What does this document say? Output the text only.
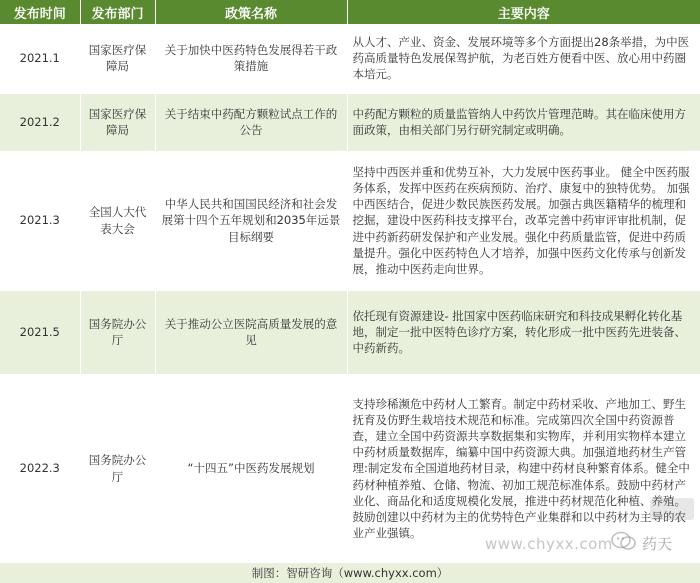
发布时间	发布部门	政策名称	主要内容
2021.1	国家医疗保障局	关于加快中医药特色发展得若干政策措施	从人才、产业、资金、发展环境等多个方面提出28条举措，为中医药高质量特色发展保驾护航，为老百姓方便看中医、放心用中药圈本培元。
2021.2	国家医疗保障局	关于结束中药配方颗粒试点工作的公告	中药配方颗粒的质量监管纳人中药饮片管理范畴。其在临床使用方面政策，由相关部门另行研究制定或明确。
2021.3	全国人大代表大会	中华人民共和国国民经济和社会发展第十四个五年规划和2035年远景目标纲要	坚持中西医并重和优势互补，大力发展中医药事业。 健全中医药服务体系，发挥中医药在疾病预防、治疗、康复中的独特优势。 加强中西医结合，促进少数民族医药发展。加强古典医籍精华的梳理和挖掘，建设中医药科技支撑平台，改革完善中药审评审批机制，促进中药新药研发保护和产业发展。强化中药质量监管，促进中药质量提升。强化中医药特色人才培养，加强中医药文化传承与创新发展，推动中医药走向世界。
2021.5	国务院办公厅	关于推动公立医院高质量发展的意见	依托现有资源建设- 批国家中医药临床研究和科技成果孵化转化基地，制定一批中医特色诊疗方案，转化形成一批中医药先进装备、中药新药。
2022.3	国务院办公厅	“十四五”中医药发展规划	支持珍稀濒危中药材人工繁育。制定中药材采收、产地加工、野生抚育及仿野生栽培技术规范和标准。完成第四次全国中药资源普查，建立全国中药资源共享数据集和实物库，并利用实物样本建立中药材质量数据库，编纂中国中药资源大典。加强道地药材生产管理:制定发布全国道地药材目录，构建中药材良种繁育体系。健全中药材种植养殖、仓储、物流、初加工规范标准体系。鼓励中药材产业化、商品化和适度规模化发展，推进中药材规范化种植、养殖。鼓励创建以中药材为主的优势特色产业集群和以中药材为主导的农业产业强镇。
www.chyxx.com 药天
制图：智研咨询（www.chyxx.com）
